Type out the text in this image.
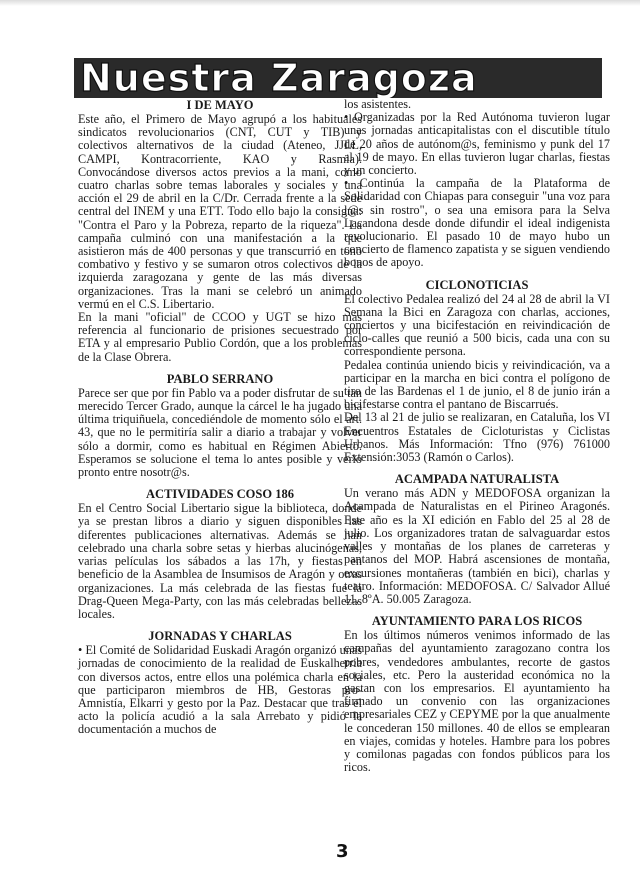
Nuestra Zaragoza
I DE MAYO

Este año, el Primero de Mayo agrupó a los habituales sindicatos revolucionarios (CNT, CUT y TIB) y colectivos alternativos de la ciudad (Ateneo, JJLL, CAMPI, Kontracorriente, KAO y Rasmia). Convocándose diversos actos previos a la mani, como cuatro charlas sobre temas laborales y sociales y una acción el 29 de abril en la C/Dr. Cerrada frente a la sede central del INEM y una ETT. Todo ello bajo la consigna: "Contra el Paro y la Pobreza, reparto de la riqueza". La campaña culminó con una manifestación a la que asistieron más de 400 personas y que transcurrió en tono combativo y festivo y se sumaron otros colectivos de la izquierda zaragozana y gente de las más diversas organizaciones. Tras la mani se celebró un animado vermú en el C.S. Libertario.
En la mani "oficial" de CCOO y UGT se hizo más referencia al funcionario de prisiones secuestrado por ETA y al empresario Publio Cordón, que a los problemas de la Clase Obrera.

PABLO SERRANO

Parece ser que por fin Pablo va a poder disfrutar de su tan merecido Tercer Grado, aunque la cárcel le ha jugado una última triquiñuela, concediéndole de momento sólo el art. 43, que no le permitiría salir a diario a trabajar y volver sólo a dormir, como es habitual en Régimen Abierto. Esperamos se solucione el tema lo antes posible y verlo pronto entre nosotr@s.

ACTIVIDADES COSO 186

En el Centro Social Libertario sigue la biblioteca, donde ya se prestan libros a diario y siguen disponibles las diferentes publicaciones alternativas. Además se han celebrado una charla sobre setas y hierbas alucinógenas, varias películas los sábados a las 17h, y fiestas en beneficio de la Asamblea de Insumisos de Aragón y otras organizaciones. La más celebrada de las fiestas fue la Drag-Queen Mega-Party, con las más celebradas bellezas locales.

JORNADAS Y CHARLAS

• El Comité de Solidaridad Euskadi Aragón organizó unas jornadas de conocimiento de la realidad de Euskalherria con diversos actos, entre ellos una polémica charla en la que participaron miembros de HB, Gestoras pro-Amnistía, Elkarri y gesto por la Paz. Destacar que tras el acto la policía acudió a la sala Arrebato y pidió la documentación a muchos de

los asistentes.
• Organizadas por la Red Autónoma tuvieron lugar unas jornadas anticapitalistas con el discutible título de 20 años de autónom@s, feminismo y punk del 17 al 19 de mayo. En ellas tuvieron lugar charlas, fiestas y un concierto.
• Continúa la campaña de la Plataforma de Solidaridad con Chiapas para conseguir "una voz para l@s sin rostro", o sea una emisora para la Selva Lacandona desde donde difundir el ideal indigenista revolucionario. El pasado 10 de mayo hubo un concierto de flamenco zapatista y se siguen vendiendo bonos de apoyo.

CICLONOTICIAS

El colectivo Pedalea realizó del 24 al 28 de abril la VI Semana la Bici en Zaragoza con charlas, acciones, conciertos y una bicifestación en reivindicación de ciclo-calles que reunió a 500 bicis, cada una con su correspondiente persona.
Pedalea continúa uniendo bicis y reivindicación, va a participar en la marcha en bici contra el polígono de tiro de las Bardenas el 1 de junio, el 8 de junio irán a bicifestarse contra el pantano de Biscarrués.
Del 13 al 21 de julio se realizaran, en Cataluña, los VI Encuentros Estatales de Cicloturistas y Ciclistas Urbanos. Más Información: Tfno (976) 761000 Extensión:3053 (Ramón o Carlos).

ACAMPADA NATURALISTA

Un verano más ADN y MEDOFOSA organizan la Acampada de Naturalistas en el Pirineo Aragonés. Este año es la XI edición en Fablo del 25 al 28 de julio. Los organizadores tratan de salvaguardar estos valles y montañas de los planes de carreteras y pantanos del MOP. Habrá ascensiones de montaña, excursiones montañeras (también en bici), charlas y teatro. Información: MEDOFOSA. C/ Salvador Allué 11, 8ºA. 50.005 Zaragoza.

AYUNTAMIENTO PARA LOS RICOS

En los últimos números venimos informado de las campañas del ayuntamiento zaragozano contra los pobres, vendedores ambulantes, recorte de gastos sociales, etc. Pero la austeridad económica no la gastan con los empresarios. El ayuntamiento ha firmado un convenio con las organizaciones empresariales CEZ y CEPYME por la que anualmente le concederan 150 millones. 40 de ellos se emplearan en viajes, comidas y hoteles. Hambre para los pobres y comilonas pagadas con fondos públicos para los ricos.

3
